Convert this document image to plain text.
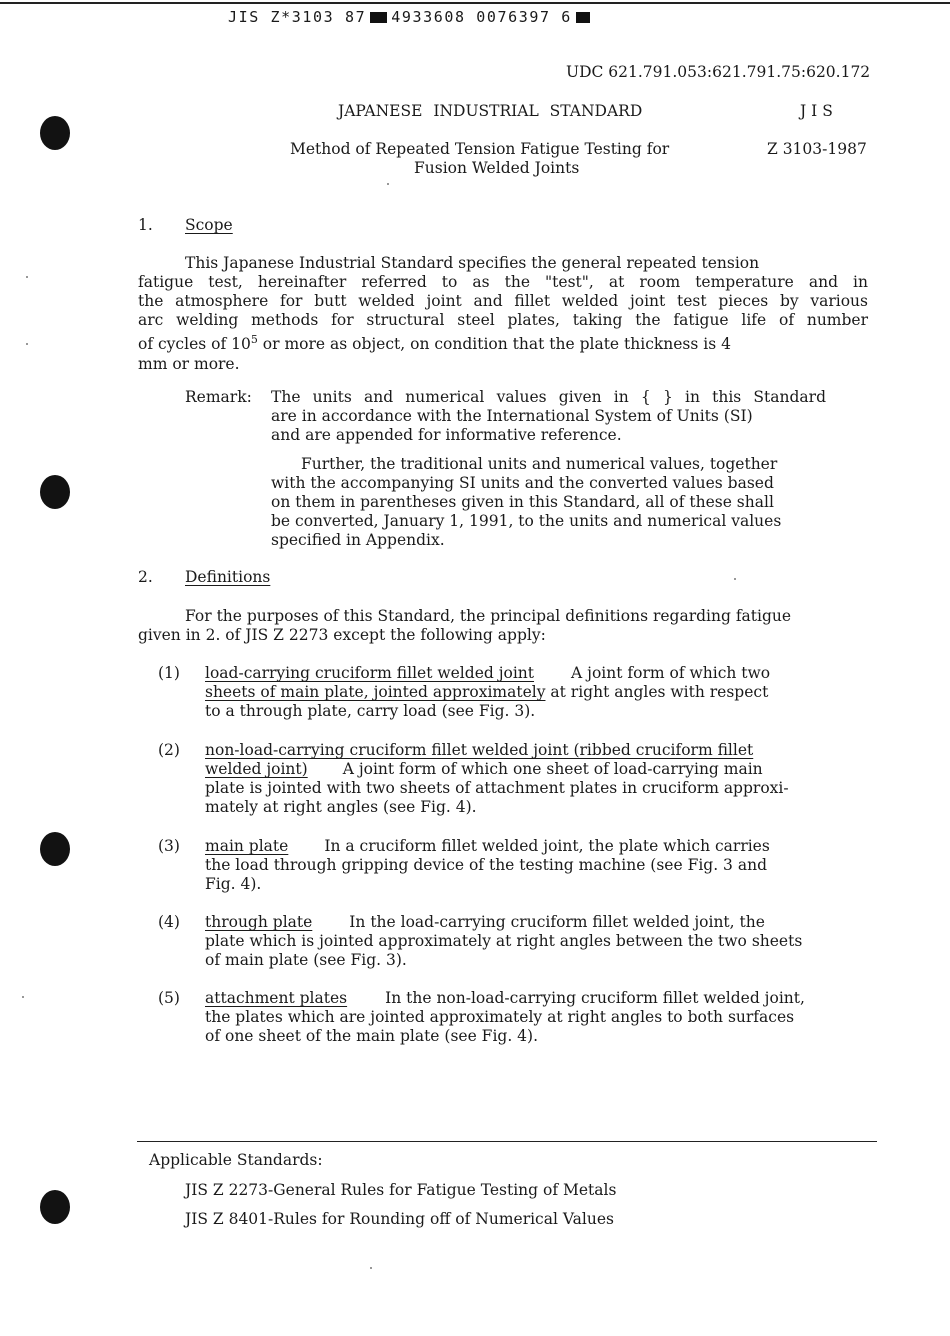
JIS Z*3103 87 4933608 0076397 6
UDC 621.791.053:621.791.75:620.172
JAPANESE INDUSTRIAL STANDARD	J I S
Method of Repeated Tension Fatigue Testing for
Fusion Welded Joints
Z 3103-1987
1. Scope
This Japanese Industrial Standard specifies the general repeated tension
fatigue test, hereinafter referred to as the "test", at room temperature and in
the atmosphere for butt welded joint and fillet welded joint test pieces by various
arc welding methods for structural steel plates, taking the fatigue life of number
of cycles of $10^5$ or more as object, on condition that the plate thickness is 4
mm or more.
Remark: The units and numerical values given in { } in this Standard
are in accordance with the International System of Units (SI)
and are appended for informative reference.
Further, the traditional units and numerical values, together
with the accompanying SI units and the converted values based
on them in parentheses given in this Standard, all of these shall
be converted, January 1, 1991, to the units and numerical values
specified in Appendix.
2. Definitions
For the purposes of this Standard, the principal definitions regarding fatigue
given in 2. of JIS Z 2273 except the following apply:
(1) load-carrying cruciform fillet welded joint A joint form of which two
sheets of main plate, jointed approximately at right angles with respect
to a through plate, carry load (see Fig. 3).
(2) non-load-carrying cruciform fillet welded joint (ribbed cruciform fillet
welded joint) A joint form of which one sheet of load-carrying main
plate is jointed with two sheets of attachment plates in cruciform approxi-
mately at right angles (see Fig. 4).
(3) main plate In a cruciform fillet welded joint, the plate which carries
the load through gripping device of the testing machine (see Fig. 3 and
Fig. 4).
(4) through plate In the load-carrying cruciform fillet welded joint, the
plate which is jointed approximately at right angles between the two sheets
of main plate (see Fig. 3).
(5) attachment plates In the non-load-carrying cruciform fillet welded joint,
the plates which are jointed approximately at right angles to both surfaces
of one sheet of the main plate (see Fig. 4).
Applicable Standards:
JIS Z 2273-General Rules for Fatigue Testing of Metals
JIS Z 8401-Rules for Rounding off of Numerical Values
